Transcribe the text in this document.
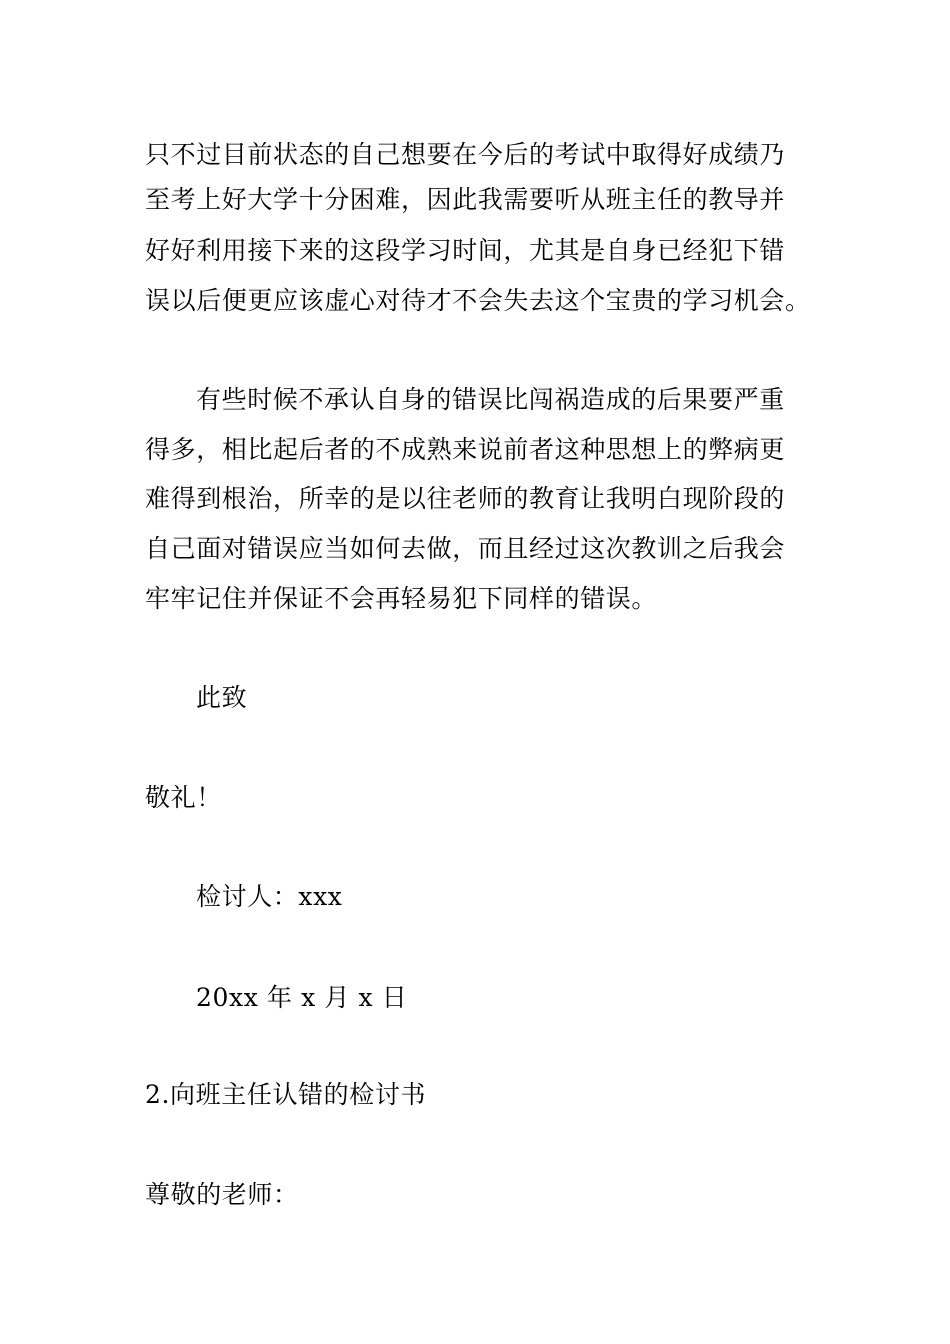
只不过目前状态的自己想要在今后的考试中取得好成绩乃
至考上好大学十分困难，因此我需要听从班主任的教导并
好好利用接下来的这段学习时间，尤其是自身已经犯下错
误以后便更应该虚心对待才不会失去这个宝贵的学习机会。
有些时候不承认自身的错误比闯祸造成的后果要严重
得多，相比起后者的不成熟来说前者这种思想上的弊病更
难得到根治，所幸的是以往老师的教育让我明白现阶段的
自己面对错误应当如何去做，而且经过这次教训之后我会
牢牢记住并保证不会再轻易犯下同样的错误。
此致
敬礼！
检讨人：xxx
20xx 年 x 月 x 日
2.向班主任认错的检讨书
尊敬的老师：
